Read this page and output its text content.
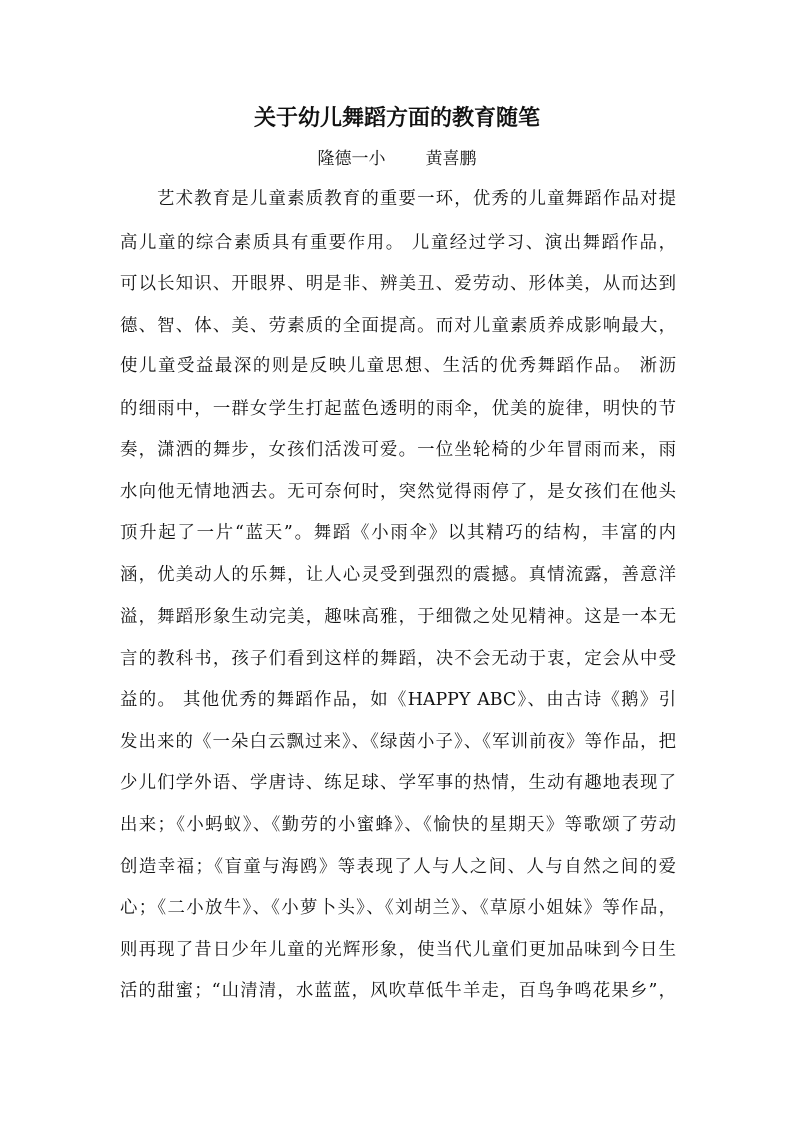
关于幼儿舞蹈方面的教育随笔
隆德一小 黄喜鹏
艺术教育是儿童素质教育的重要一环，优秀的儿童舞蹈作品对提
高儿童的综合素质具有重要作用。 儿童经过学习、演出舞蹈作品，
可以长知识、开眼界、明是非、辨美丑、爱劳动、形体美，从而达到
德、智、体、美、劳素质的全面提高。而对儿童素质养成影响最大，
使儿童受益最深的则是反映儿童思想、生活的优秀舞蹈作品。 淅沥
的细雨中，一群女学生打起蓝色透明的雨伞，优美的旋律，明快的节
奏，潇洒的舞步，女孩们活泼可爱。一位坐轮椅的少年冒雨而来，雨
水向他无情地洒去。无可奈何时，突然觉得雨停了，是女孩们在他头
顶升起了一片“蓝天”。舞蹈《小雨伞》以其精巧的结构，丰富的内
涵，优美动人的乐舞，让人心灵受到强烈的震撼。真情流露，善意洋
溢，舞蹈形象生动完美，趣味高雅，于细微之处见精神。这是一本无
言的教科书，孩子们看到这样的舞蹈，决不会无动于衷，定会从中受
益的。 其他优秀的舞蹈作品，如《HAPPY ABC》、由古诗《鹅》引
发出来的《一朵白云飘过来》、《绿茵小子》、《军训前夜》等作品，把
少儿们学外语、学唐诗、练足球、学军事的热情，生动有趣地表现了
出来；《小蚂蚁》、《勤劳的小蜜蜂》、《愉快的星期天》等歌颂了劳动
创造幸福；《盲童与海鸥》等表现了人与人之间、人与自然之间的爱
心；《二小放牛》、《小萝卜头》、《刘胡兰》、《草原小姐妹》等作品，
则再现了昔日少年儿童的光辉形象，使当代儿童们更加品味到今日生
活的甜蜜；“山清清，水蓝蓝，风吹草低牛羊走，百鸟争鸣花果乡”，
